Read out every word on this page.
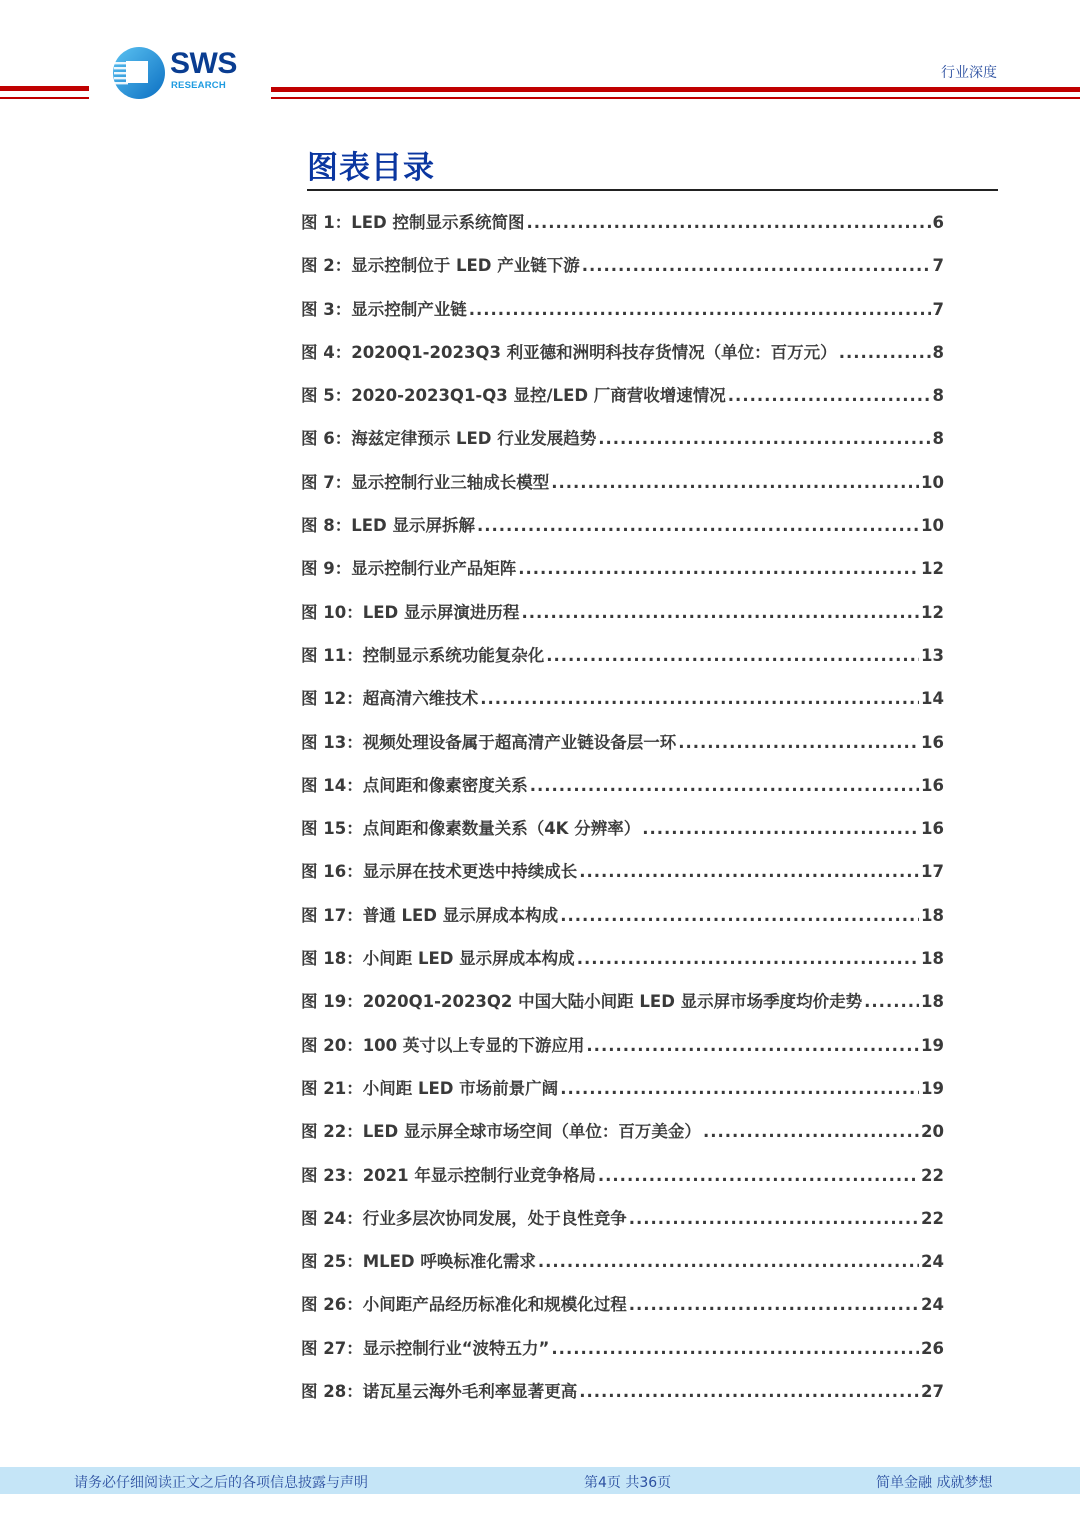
SWS
RESEARCH
行业深度
图表目录
图 1：LED 控制显示系统简图 .....	6
图 2：显示控制位于 LED 产业链下游 .....	7
图 3：显示控制产业链 .....	7
图 4：2020Q1-2023Q3 利亚德和洲明科技存货情况（单位：百万元） .....	8
图 5：2020-2023Q1-Q3 显控/LED 厂商营收增速情况 .....	8
图 6：海兹定律预示 LED 行业发展趋势 .....	8
图 7：显示控制行业三轴成长模型 .....	10
图 8：LED 显示屏拆解 .....	10
图 9：显示控制行业产品矩阵 .....	12
图 10：LED 显示屏演进历程 .....	12
图 11：控制显示系统功能复杂化 .....	13
图 12：超高清六维技术 .....	14
图 13：视频处理设备属于超高清产业链设备层一环 .....	16
图 14：点间距和像素密度关系 .....	16
图 15：点间距和像素数量关系（4K 分辨率） .....	16
图 16：显示屏在技术更迭中持续成长 .....	17
图 17：普通 LED 显示屏成本构成 .....	18
图 18：小间距 LED 显示屏成本构成 .....	18
图 19：2020Q1-2023Q2 中国大陆小间距 LED 显示屏市场季度均价走势 .....	18
图 20：100 英寸以上专显的下游应用 .....	19
图 21：小间距 LED 市场前景广阔 .....	19
图 22：LED 显示屏全球市场空间（单位：百万美金） .....	20
图 23：2021 年显示控制行业竞争格局 .....	22
图 24：行业多层次协同发展，处于良性竞争 .....	22
图 25：MLED 呼唤标准化需求 .....	24
图 26：小间距产品经历标准化和规模化过程 .....	24
图 27：显示控制行业“波特五力” .....	26
图 28：诺瓦星云海外毛利率显著更高 .....	27
请务必仔细阅读正文之后的各项信息披露与声明	第4页 共36页	简单金融 成就梦想
